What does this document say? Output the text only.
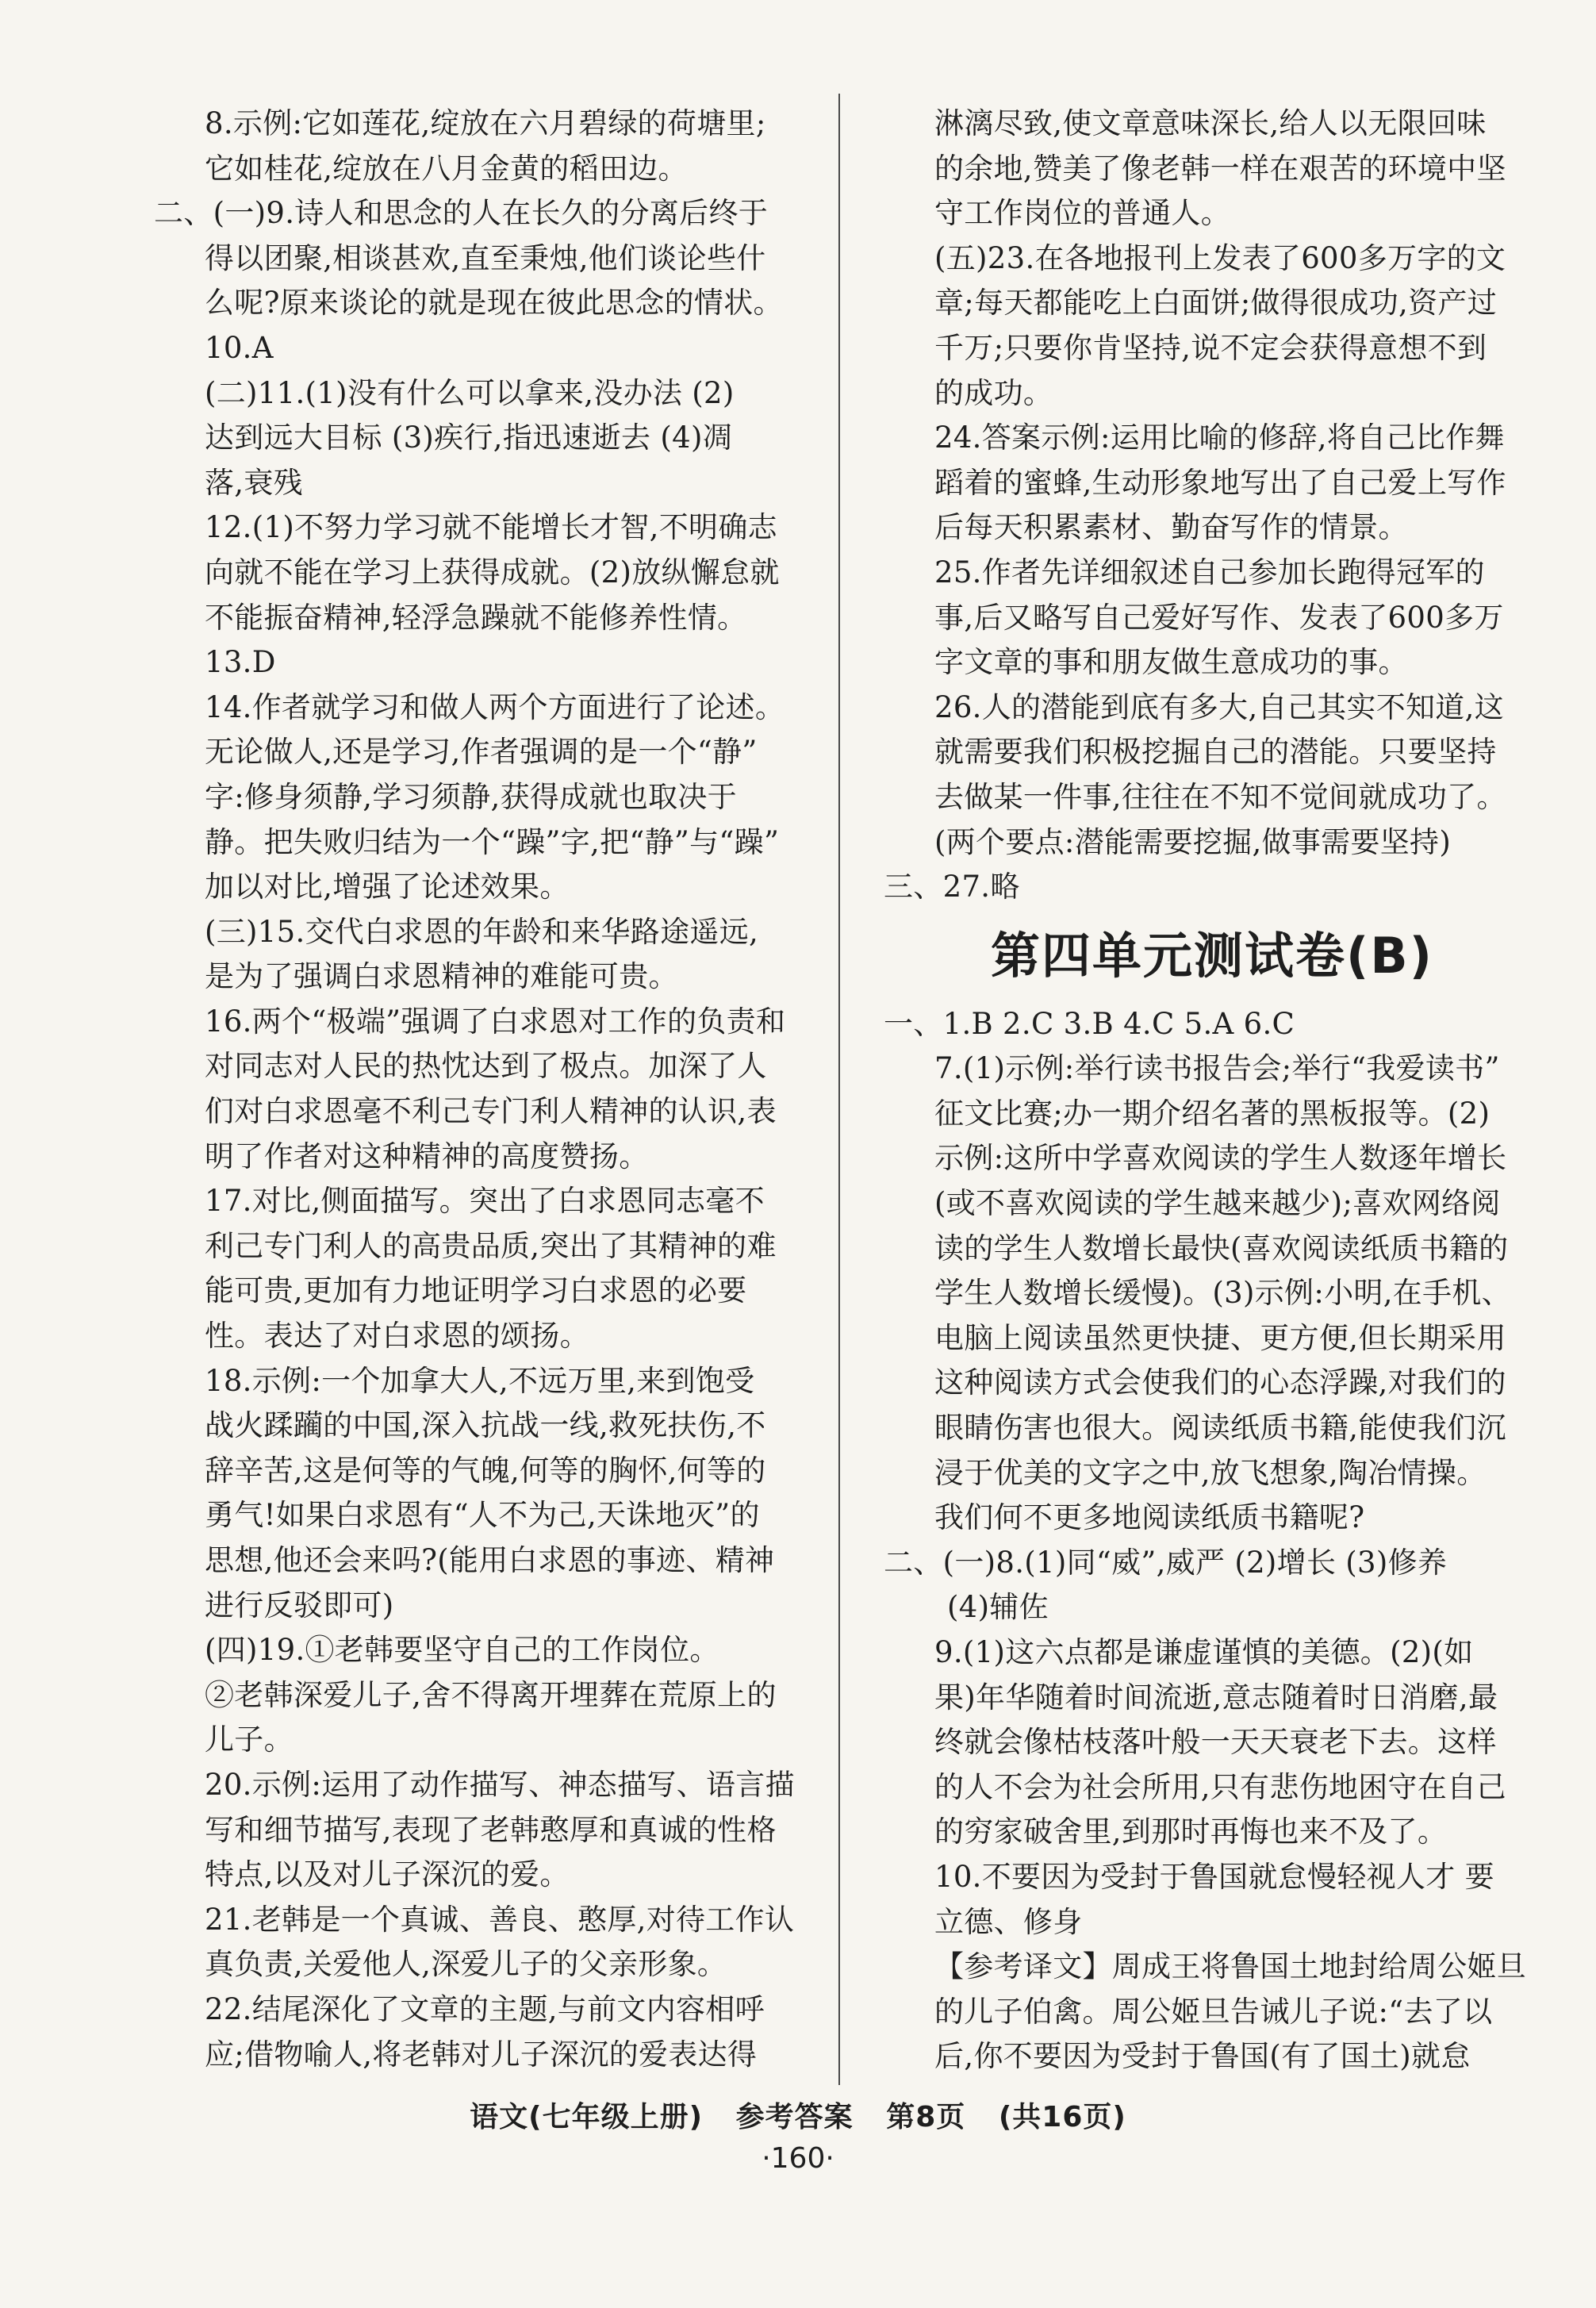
8.示例:它如莲花,绽放在六月碧绿的荷塘里;
它如桂花,绽放在八月金黄的稻田边。
二、(一)9.诗人和思念的人在长久的分离后终于
得以团聚,相谈甚欢,直至秉烛,他们谈论些什
么呢?原来谈论的就是现在彼此思念的情状。
10.A
(二)11.(1)没有什么可以拿来,没办法 (2)
达到远大目标 (3)疾行,指迅速逝去 (4)凋
落,衰残
12.(1)不努力学习就不能增长才智,不明确志
向就不能在学习上获得成就。(2)放纵懈怠就
不能振奋精神,轻浮急躁就不能修养性情。
13.D
14.作者就学习和做人两个方面进行了论述。
无论做人,还是学习,作者强调的是一个“静”
字:修身须静,学习须静,获得成就也取决于
静。把失败归结为一个“躁”字,把“静”与“躁”
加以对比,增强了论述效果。
(三)15.交代白求恩的年龄和来华路途遥远,
是为了强调白求恩精神的难能可贵。
16.两个“极端”强调了白求恩对工作的负责和
对同志对人民的热忱达到了极点。加深了人
们对白求恩毫不利己专门利人精神的认识,表
明了作者对这种精神的高度赞扬。
17.对比,侧面描写。突出了白求恩同志毫不
利己专门利人的高贵品质,突出了其精神的难
能可贵,更加有力地证明学习白求恩的必要
性。表达了对白求恩的颂扬。
18.示例:一个加拿大人,不远万里,来到饱受
战火蹂躏的中国,深入抗战一线,救死扶伤,不
辞辛苦,这是何等的气魄,何等的胸怀,何等的
勇气!如果白求恩有“人不为己,天诛地灭”的
思想,他还会来吗?(能用白求恩的事迹、精神
进行反驳即可)
(四)19.①老韩要坚守自己的工作岗位。
②老韩深爱儿子,舍不得离开埋葬在荒原上的
儿子。
20.示例:运用了动作描写、神态描写、语言描
写和细节描写,表现了老韩憨厚和真诚的性格
特点,以及对儿子深沉的爱。
21.老韩是一个真诚、善良、憨厚,对待工作认
真负责,关爱他人,深爱儿子的父亲形象。
22.结尾深化了文章的主题,与前文内容相呼
应;借物喻人,将老韩对儿子深沉的爱表达得
淋漓尽致,使文章意味深长,给人以无限回味
的余地,赞美了像老韩一样在艰苦的环境中坚
守工作岗位的普通人。
(五)23.在各地报刊上发表了600多万字的文
章;每天都能吃上白面饼;做得很成功,资产过
千万;只要你肯坚持,说不定会获得意想不到
的成功。
24.答案示例:运用比喻的修辞,将自己比作舞
蹈着的蜜蜂,生动形象地写出了自己爱上写作
后每天积累素材、勤奋写作的情景。
25.作者先详细叙述自己参加长跑得冠军的
事,后又略写自己爱好写作、发表了600多万
字文章的事和朋友做生意成功的事。
26.人的潜能到底有多大,自己其实不知道,这
就需要我们积极挖掘自己的潜能。只要坚持
去做某一件事,往往在不知不觉间就成功了。
(两个要点:潜能需要挖掘,做事需要坚持)
三、27.略
第四单元测试卷(B)
一、1.B 2.C 3.B 4.C 5.A 6.C
7.(1)示例:举行读书报告会;举行“我爱读书”
征文比赛;办一期介绍名著的黑板报等。(2)
示例:这所中学喜欢阅读的学生人数逐年增长
(或不喜欢阅读的学生越来越少);喜欢网络阅
读的学生人数增长最快(喜欢阅读纸质书籍的
学生人数增长缓慢)。(3)示例:小明,在手机、
电脑上阅读虽然更快捷、更方便,但长期采用
这种阅读方式会使我们的心态浮躁,对我们的
眼睛伤害也很大。阅读纸质书籍,能使我们沉
浸于优美的文字之中,放飞想象,陶冶情操。
我们何不更多地阅读纸质书籍呢?
二、(一)8.(1)同“威”,威严 (2)增长 (3)修养
(4)辅佐
9.(1)这六点都是谦虚谨慎的美德。(2)(如
果)年华随着时间流逝,意志随着时日消磨,最
终就会像枯枝落叶般一天天衰老下去。这样
的人不会为社会所用,只有悲伤地困守在自己
的穷家破舍里,到那时再悔也来不及了。
10.不要因为受封于鲁国就怠慢轻视人才 要
立德、修身
【参考译文】周成王将鲁国土地封给周公姬旦
的儿子伯禽。周公姬旦告诫儿子说:“去了以
后,你不要因为受封于鲁国(有了国土)就怠
语文(七年级上册) 参考答案 第8页 (共16页)
·160·
